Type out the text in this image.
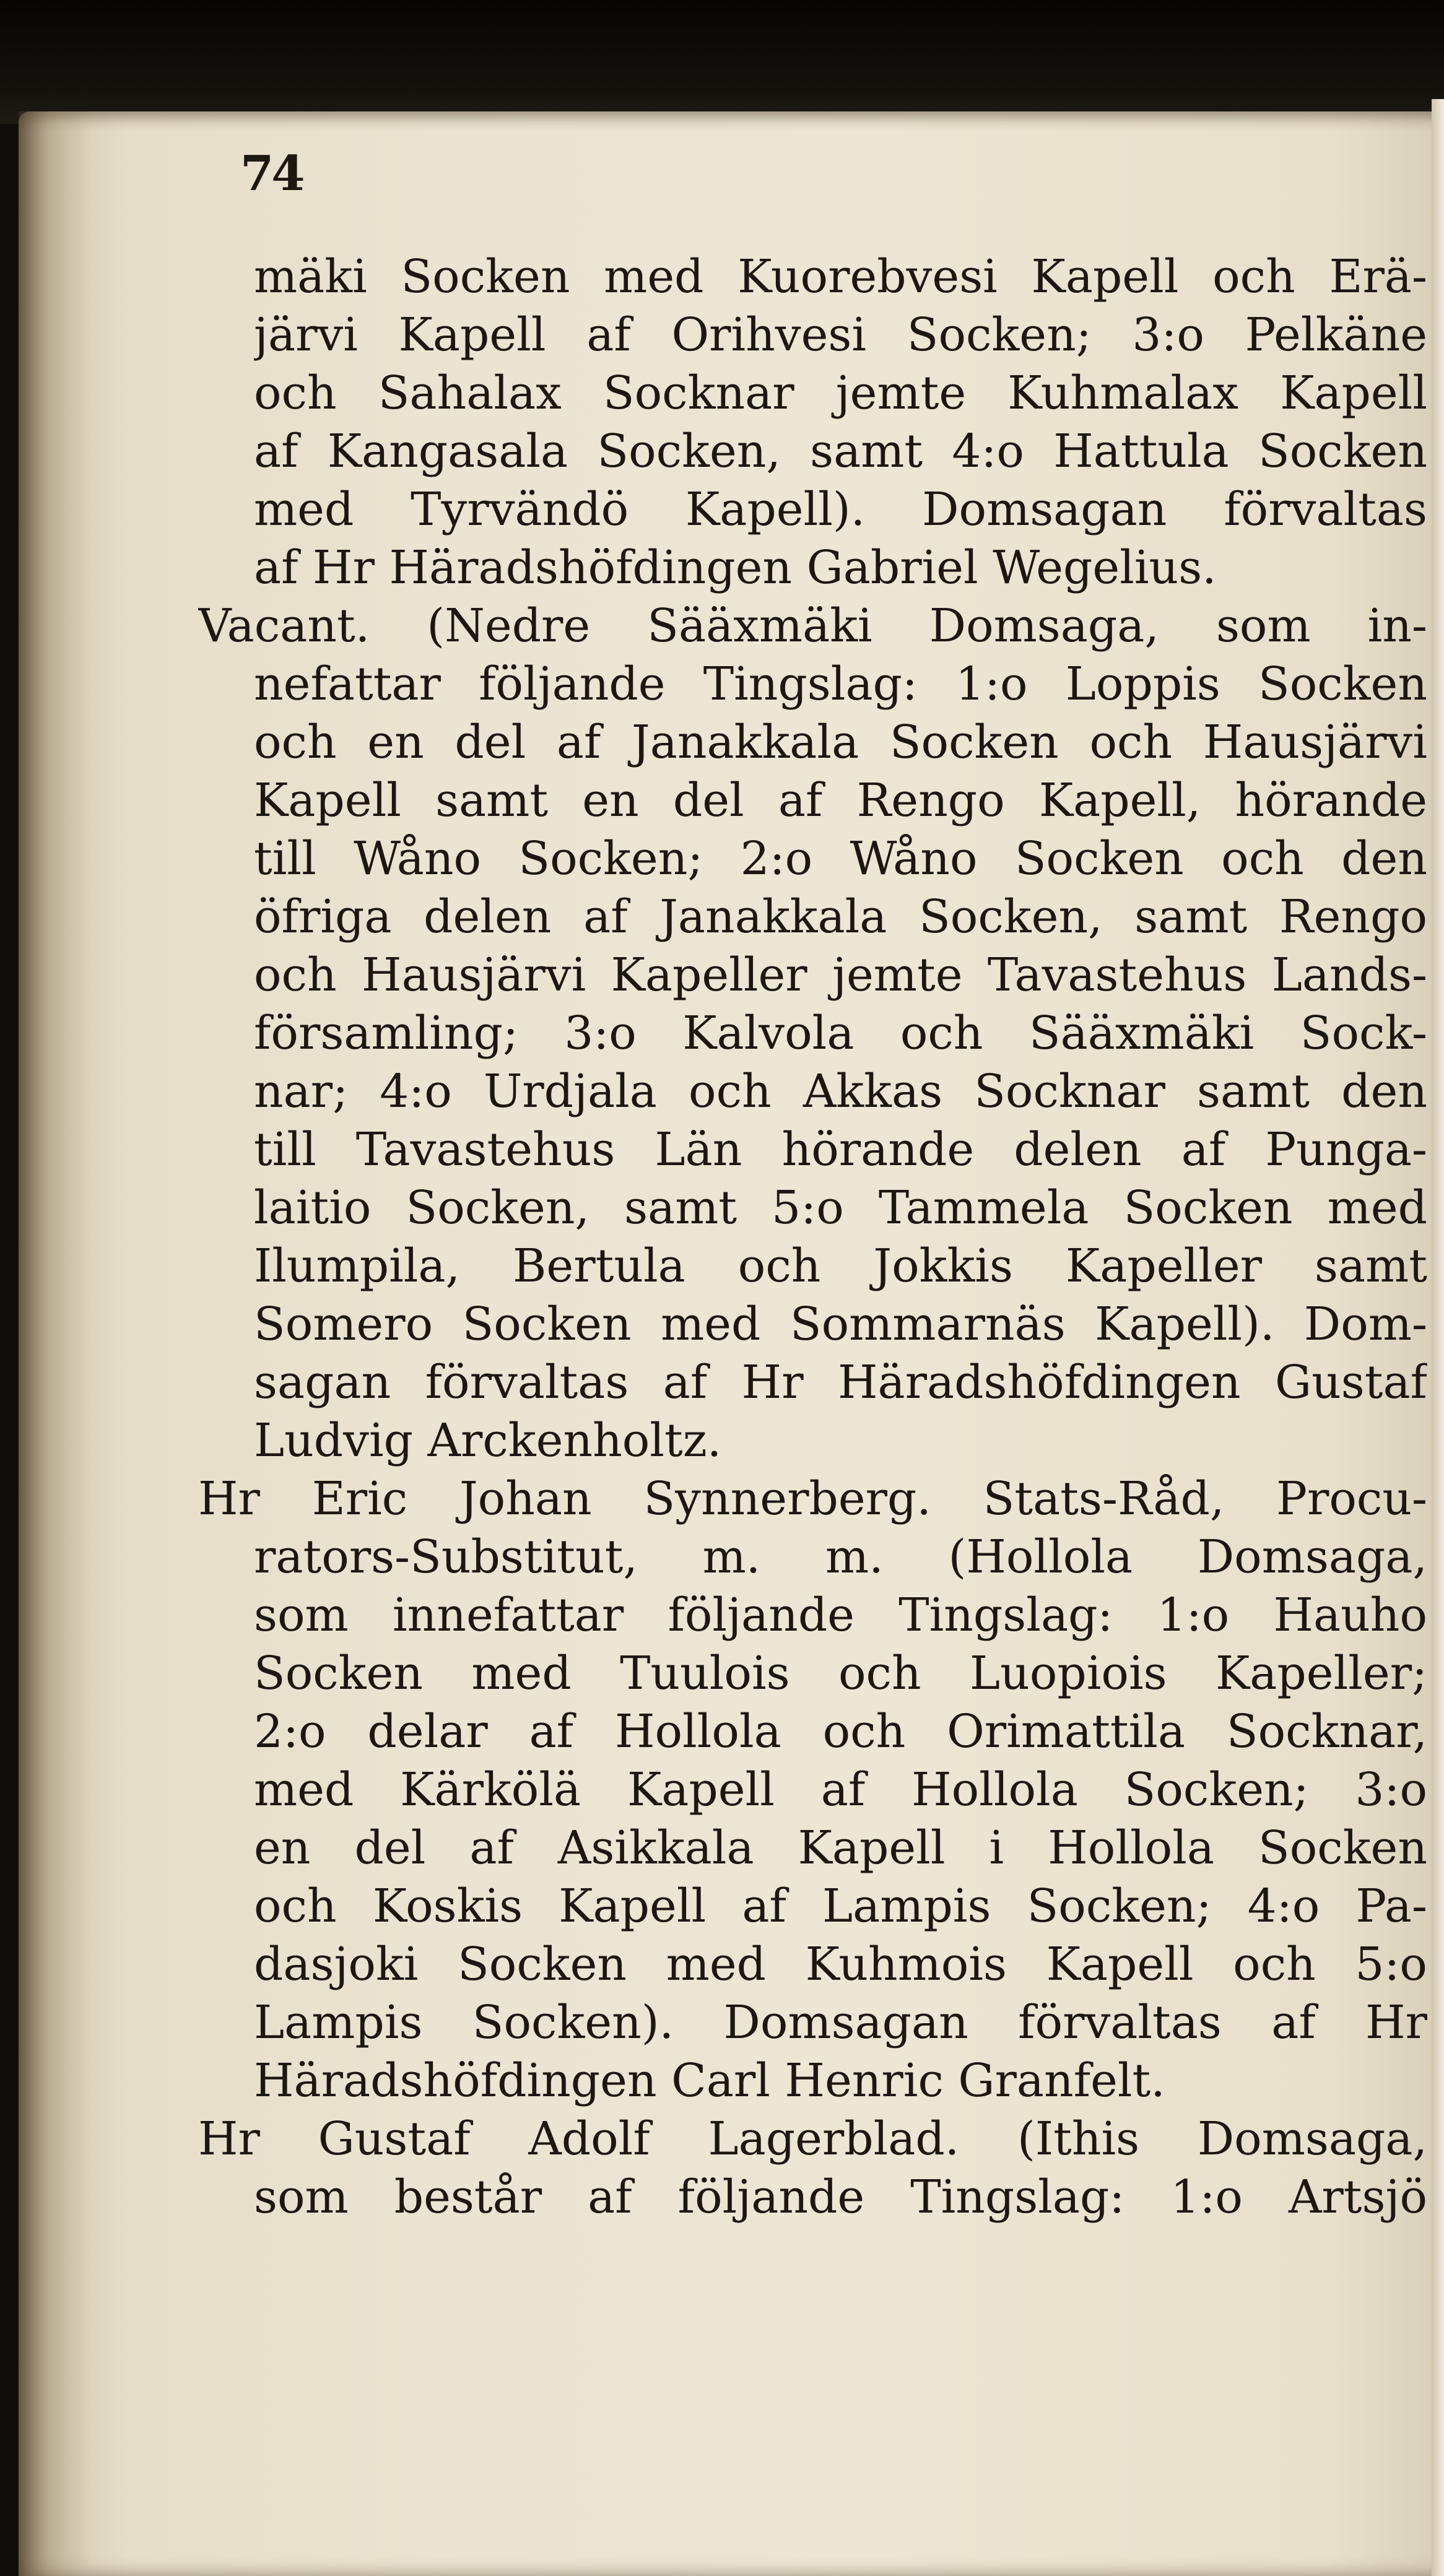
74
mäki Socken med Kuorebvesi Kapell och Erä-
järvi Kapell af Orihvesi Socken; 3:o Pelkäne
och Sahalax Socknar jemte Kuhmalax Kapell
af Kangasala Socken, samt 4:o Hattula Socken
med Tyrvändö Kapell). Domsagan förvaltas
af Hr Häradshöfdingen Gabriel Wegelius.
Vacant. (Nedre Sääxmäki Domsaga, som in-
nefattar följande Tingslag: 1:o Loppis Socken
och en del af Janakkala Socken och Hausjärvi
Kapell samt en del af Rengo Kapell, hörande
till Wåno Socken; 2:o Wåno Socken och den
öfriga delen af Janakkala Socken, samt Rengo
och Hausjärvi Kapeller jemte Tavastehus Lands-
församling; 3:o Kalvola och Sääxmäki Sock-
nar; 4:o Urdjala och Akkas Socknar samt den
till Tavastehus Län hörande delen af Punga-
laitio Socken, samt 5:o Tammela Socken med
Ilumpila, Bertula och Jokkis Kapeller samt
Somero Socken med Sommarnäs Kapell). Dom-
sagan förvaltas af Hr Häradshöfdingen Gustaf
Ludvig Arckenholtz.
Hr Eric Johan Synnerberg. Stats-Råd, Procu-
rators-Substitut, m. m. (Hollola Domsaga,
som innefattar följande Tingslag: 1:o Hauho
Socken med Tuulois och Luopiois Kapeller;
2:o delar af Hollola och Orimattila Socknar,
med Kärkölä Kapell af Hollola Socken; 3:o
en del af Asikkala Kapell i Hollola Socken
och Koskis Kapell af Lampis Socken; 4:o Pa-
dasjoki Socken med Kuhmois Kapell och 5:o
Lampis Socken). Domsagan förvaltas af Hr
Häradshöfdingen Carl Henric Granfelt.
Hr Gustaf Adolf Lagerblad. (Ithis Domsaga,
som består af följande Tingslag: 1:o Artsjö
